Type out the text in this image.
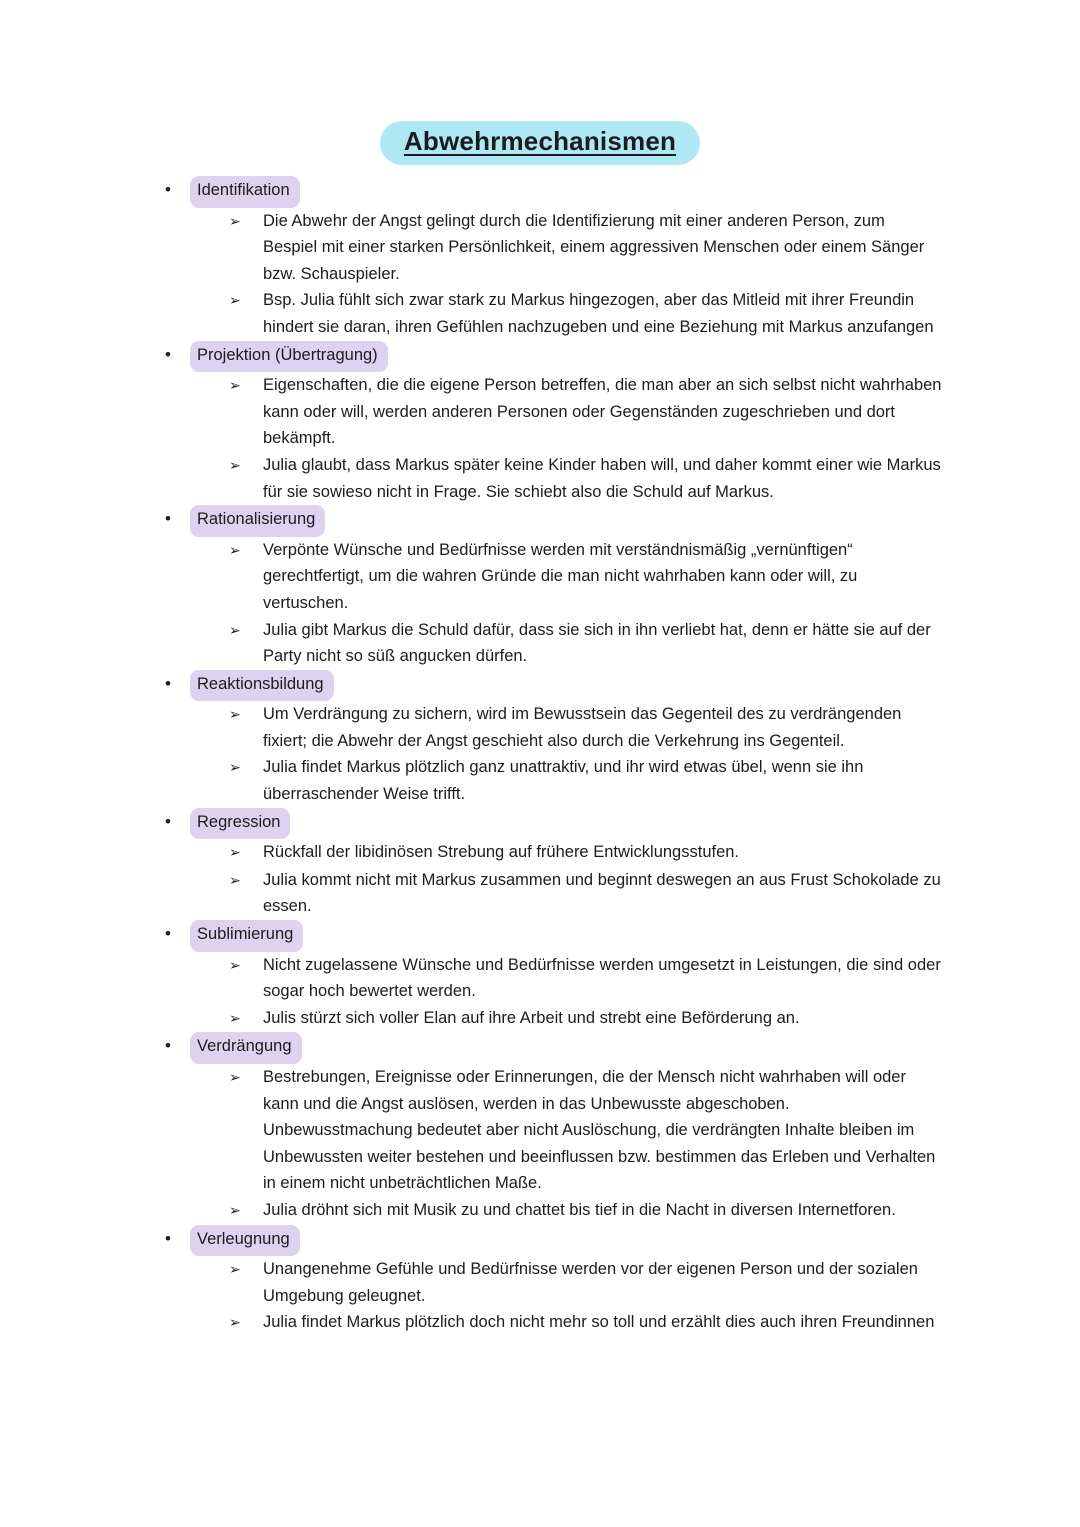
Abwehrmechanismen
•	Identifikation
➢	Die Abwehr der Angst gelingt durch die Identifizierung mit einer anderen Person, zum Bespiel mit einer starken Persönlichkeit, einem aggressiven Menschen oder einem Sänger bzw. Schauspieler.
➢	Bsp. Julia fühlt sich zwar stark zu Markus hingezogen, aber das Mitleid mit ihrer Freundin hindert sie daran, ihren Gefühlen nachzugeben und eine Beziehung mit Markus anzufangen
•	Projektion (Übertragung)
➢	Eigenschaften, die die eigene Person betreffen, die man aber an sich selbst nicht wahrhaben kann oder will, werden anderen Personen oder Gegenständen zugeschrieben und dort bekämpft.
➢	Julia glaubt, dass Markus später keine Kinder haben will, und daher kommt einer wie Markus für sie sowieso nicht in Frage. Sie schiebt also die Schuld auf Markus.
•	Rationalisierung
➢	Verpönte Wünsche und Bedürfnisse werden mit verständnismäßig „vernünftigen“ gerechtfertigt, um die wahren Gründe die man nicht wahrhaben kann oder will, zu vertuschen.
➢	Julia gibt Markus die Schuld dafür, dass sie sich in ihn verliebt hat, denn er hätte sie auf der Party nicht so süß angucken dürfen.
•	Reaktionsbildung
➢	Um Verdrängung zu sichern, wird im Bewusstsein das Gegenteil des zu verdrängenden fixiert; die Abwehr der Angst geschieht also durch die Verkehrung ins Gegenteil.
➢	Julia findet Markus plötzlich ganz unattraktiv, und ihr wird etwas übel, wenn sie ihn überraschender Weise trifft.
•	Regression
➢	Rückfall der libidinösen Strebung auf frühere Entwicklungsstufen.
➢	Julia kommt nicht mit Markus zusammen und beginnt deswegen an aus Frust Schokolade zu essen.
•	Sublimierung
➢	Nicht zugelassene Wünsche und Bedürfnisse werden umgesetzt in Leistungen, die sind oder sogar hoch bewertet werden.
➢	Julis stürzt sich voller Elan auf ihre Arbeit und strebt eine Beförderung an.
•	Verdrängung
➢	Bestrebungen, Ereignisse oder Erinnerungen, die der Mensch nicht wahrhaben will oder kann und die Angst auslösen, werden in das Unbewusste abgeschoben. Unbewusstmachung bedeutet aber nicht Auslöschung, die verdrängten Inhalte bleiben im Unbewussten weiter bestehen und beeinflussen bzw. bestimmen das Erleben und Verhalten in einem nicht unbeträchtlichen Maße.
➢	Julia dröhnt sich mit Musik zu und chattet bis tief in die Nacht in diversen Internetforen.
•	Verleugnung
➢	Unangenehme Gefühle und Bedürfnisse werden vor der eigenen Person und der sozialen Umgebung geleugnet.
➢	Julia findet Markus plötzlich doch nicht mehr so toll und erzählt dies auch ihren Freundinnen
